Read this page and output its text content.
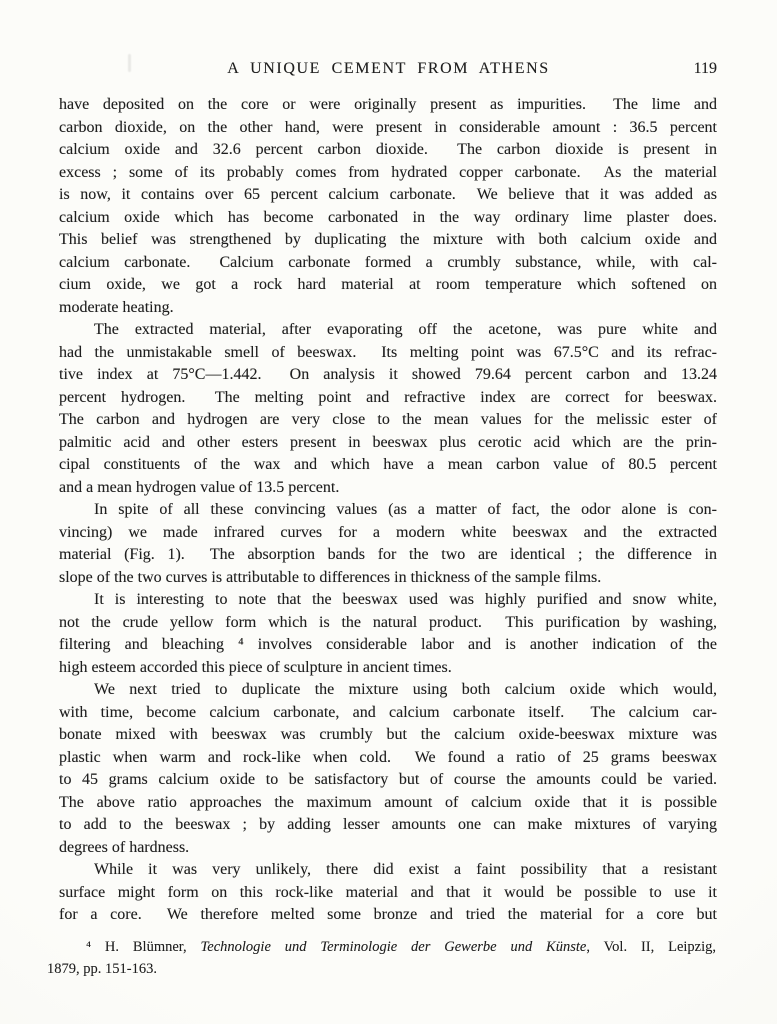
A UNIQUE CEMENT FROM ATHENS	119
have deposited on the core or were originally present as impurities.  The lime and
carbon dioxide, on the other hand, were present in considerable amount : 36.5 percent
calcium oxide and 32.6 percent carbon dioxide.  The carbon dioxide is present in
excess ; some of its probably comes from hydrated copper carbonate.  As the material
is now, it contains over 65 percent calcium carbonate.  We believe that it was added as
calcium oxide which has become carbonated in the way ordinary lime plaster does.
This belief was strengthened by duplicating the mixture with both calcium oxide and
calcium carbonate.  Calcium carbonate formed a crumbly substance, while, with cal-
cium oxide, we got a rock hard material at room temperature which softened on
moderate heating.
The extracted material, after evaporating off the acetone, was pure white and
had the unmistakable smell of beeswax.  Its melting point was 67.5°C and its refrac-
tive index at 75°C—1.442.  On analysis it showed 79.64 percent carbon and 13.24
percent hydrogen.  The melting point and refractive index are correct for beeswax.
The carbon and hydrogen are very close to the mean values for the melissic ester of
palmitic acid and other esters present in beeswax plus cerotic acid which are the prin-
cipal constituents of the wax and which have a mean carbon value of 80.5 percent
and a mean hydrogen value of 13.5 percent.
In spite of all these convincing values (as a matter of fact, the odor alone is con-
vincing) we made infrared curves for a modern white beeswax and the extracted
material (Fig. 1).  The absorption bands for the two are identical ; the difference in
slope of the two curves is attributable to differences in thickness of the sample films.
It is interesting to note that the beeswax used was highly purified and snow white,
not the crude yellow form which is the natural product.  This purification by washing,
filtering and bleaching ⁴ involves considerable labor and is another indication of the
high esteem accorded this piece of sculpture in ancient times.
We next tried to duplicate the mixture using both calcium oxide which would,
with time, become calcium carbonate, and calcium carbonate itself.  The calcium car-
bonate mixed with beeswax was crumbly but the calcium oxide-beeswax mixture was
plastic when warm and rock-like when cold.  We found a ratio of 25 grams beeswax
to 45 grams calcium oxide to be satisfactory but of course the amounts could be varied.
The above ratio approaches the maximum amount of calcium oxide that it is possible
to add to the beeswax ; by adding lesser amounts one can make mixtures of varying
degrees of hardness.
While it was very unlikely, there did exist a faint possibility that a resistant
surface might form on this rock-like material and that it would be possible to use it
for a core.  We therefore melted some bronze and tried the material for a core but
⁴ H. Blümner, Technologie und Terminologie der Gewerbe und Künste, Vol. II, Leipzig,
1879, pp. 151-163.
